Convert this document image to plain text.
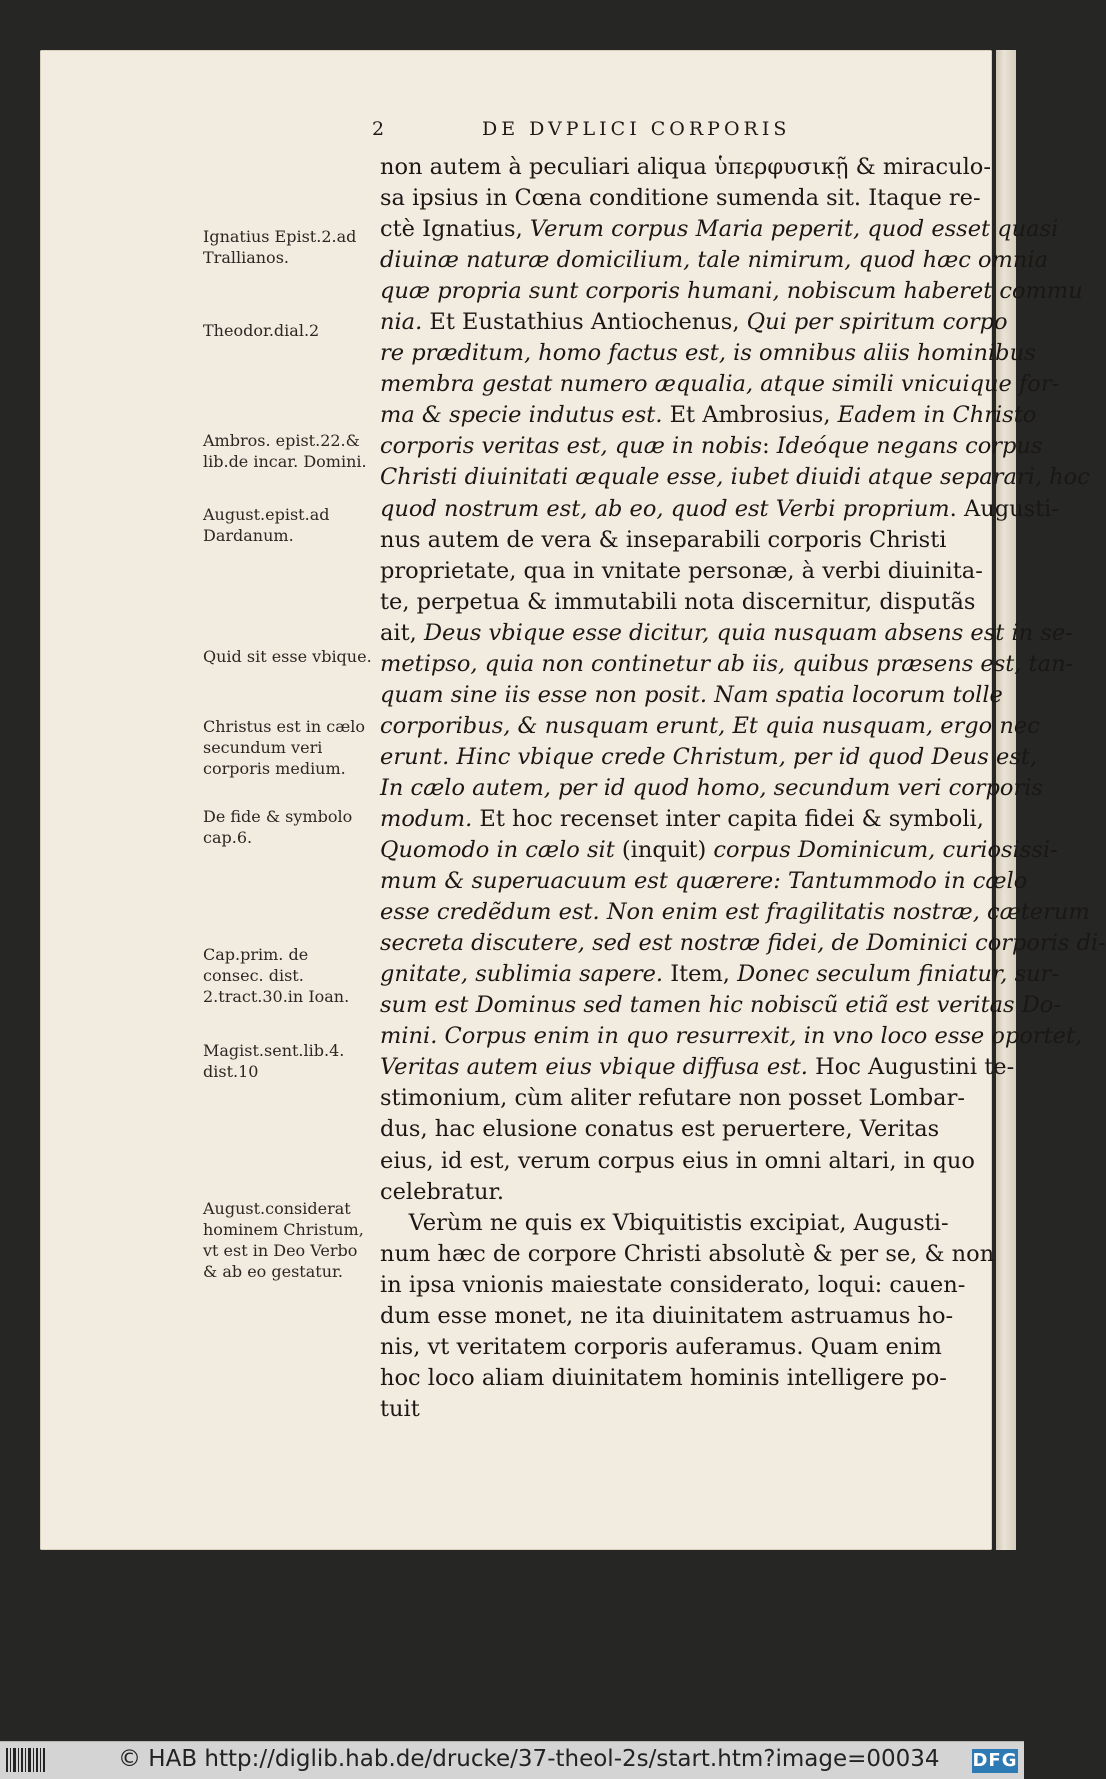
2	DE DVPLICI CORPORIS
Ignatius Epist.2.ad Trallianos.
Theodor.dial.2
Ambros. epist.22.& lib.de incar. Domini.
August.epist.ad Dardanum.
Quid sit esse vbique.
Christus est in cælo secundum veri corporis medium.
De fide & symbolo cap.6.
Cap.prim. de consec. dist. 2.tract.30.in Ioan.
Magist.sent.lib.4. dist.10
August.considerat hominem Christum, vt est in Deo Verbo & ab eo gestatur.
non autem à peculiari aliqua ὑπερφυσικῇ & miraculo-
sa ipsius in Cœna conditione sumenda sit. Itaque re-
ctè Ignatius, Verum corpus Maria peperit, quod esset quasi
diuinæ naturæ domicilium, tale nimirum, quod hæc omnia
quæ propria sunt corporis humani, nobiscum haberet commu
nia. Et Eustathius Antiochenus, Qui per spiritum corpo
re præditum, homo factus est, is omnibus aliis hominibus
membra gestat numero æqualia, atque simili vnicuique for-
ma & specie indutus est. Et Ambrosius, Eadem in Christo
corporis veritas est, quæ in nobis: Ideóque negans corpus
Christi diuinitati æquale esse, iubet diuidi atque separari, hoc
quod nostrum est, ab eo, quod est Verbi proprium. Augusti-
nus autem de vera & inseparabili corporis Christi
proprietate, qua in vnitate personæ, à verbi diuinita-
te, perpetua & immutabili nota discernitur, disputãs
ait, Deus vbique esse dicitur, quia nusquam absens est in se-
metipso, quia non continetur ab iis, quibus præsens est, tan-
quam sine iis esse non posit. Nam spatia locorum tolle
corporibus, & nusquam erunt, Et quia nusquam, ergo nec
erunt. Hinc vbique crede Christum, per id quod Deus est,
In cælo autem, per id quod homo, secundum veri corporis
modum. Et hoc recenset inter capita fidei & symboli,
Quomodo in cælo sit (inquit) corpus Dominicum, curiosissi-
mum & superuacuum est quærere: Tantummodo in cælo
esse credẽdum est. Non enim est fragilitatis nostræ, cæterum
secreta discutere, sed est nostræ fidei, de Dominici corporis di-
gnitate, sublimia sapere. Item, Donec seculum finiatur, sur-
sum est Dominus sed tamen hic nobiscũ etiã est veritas Do-
mini. Corpus enim in quo resurrexit, in vno loco esse oportet,
Veritas autem eius vbique diffusa est. Hoc Augustini te-
stimonium, cùm aliter refutare non posset Lombar-
dus, hac elusione conatus est peruertere, Veritas
eius, id est, verum corpus eius in omni altari, in quo
celebratur.
Verùm ne quis ex Vbiquitistis excipiat, Augusti-
num hæc de corpore Christi absolutè & per se, & non
in ipsa vnionis maiestate considerato, loqui: cauen-
dum esse monet, ne ita diuinitatem astruamus ho-
nis, vt veritatem corporis auferamus. Quam enim
hoc loco aliam diuinitatem hominis intelligere po-
tuit
© HAB http://diglib.hab.de/drucke/37-theol-2s/start.htm?image=00034 DFG
